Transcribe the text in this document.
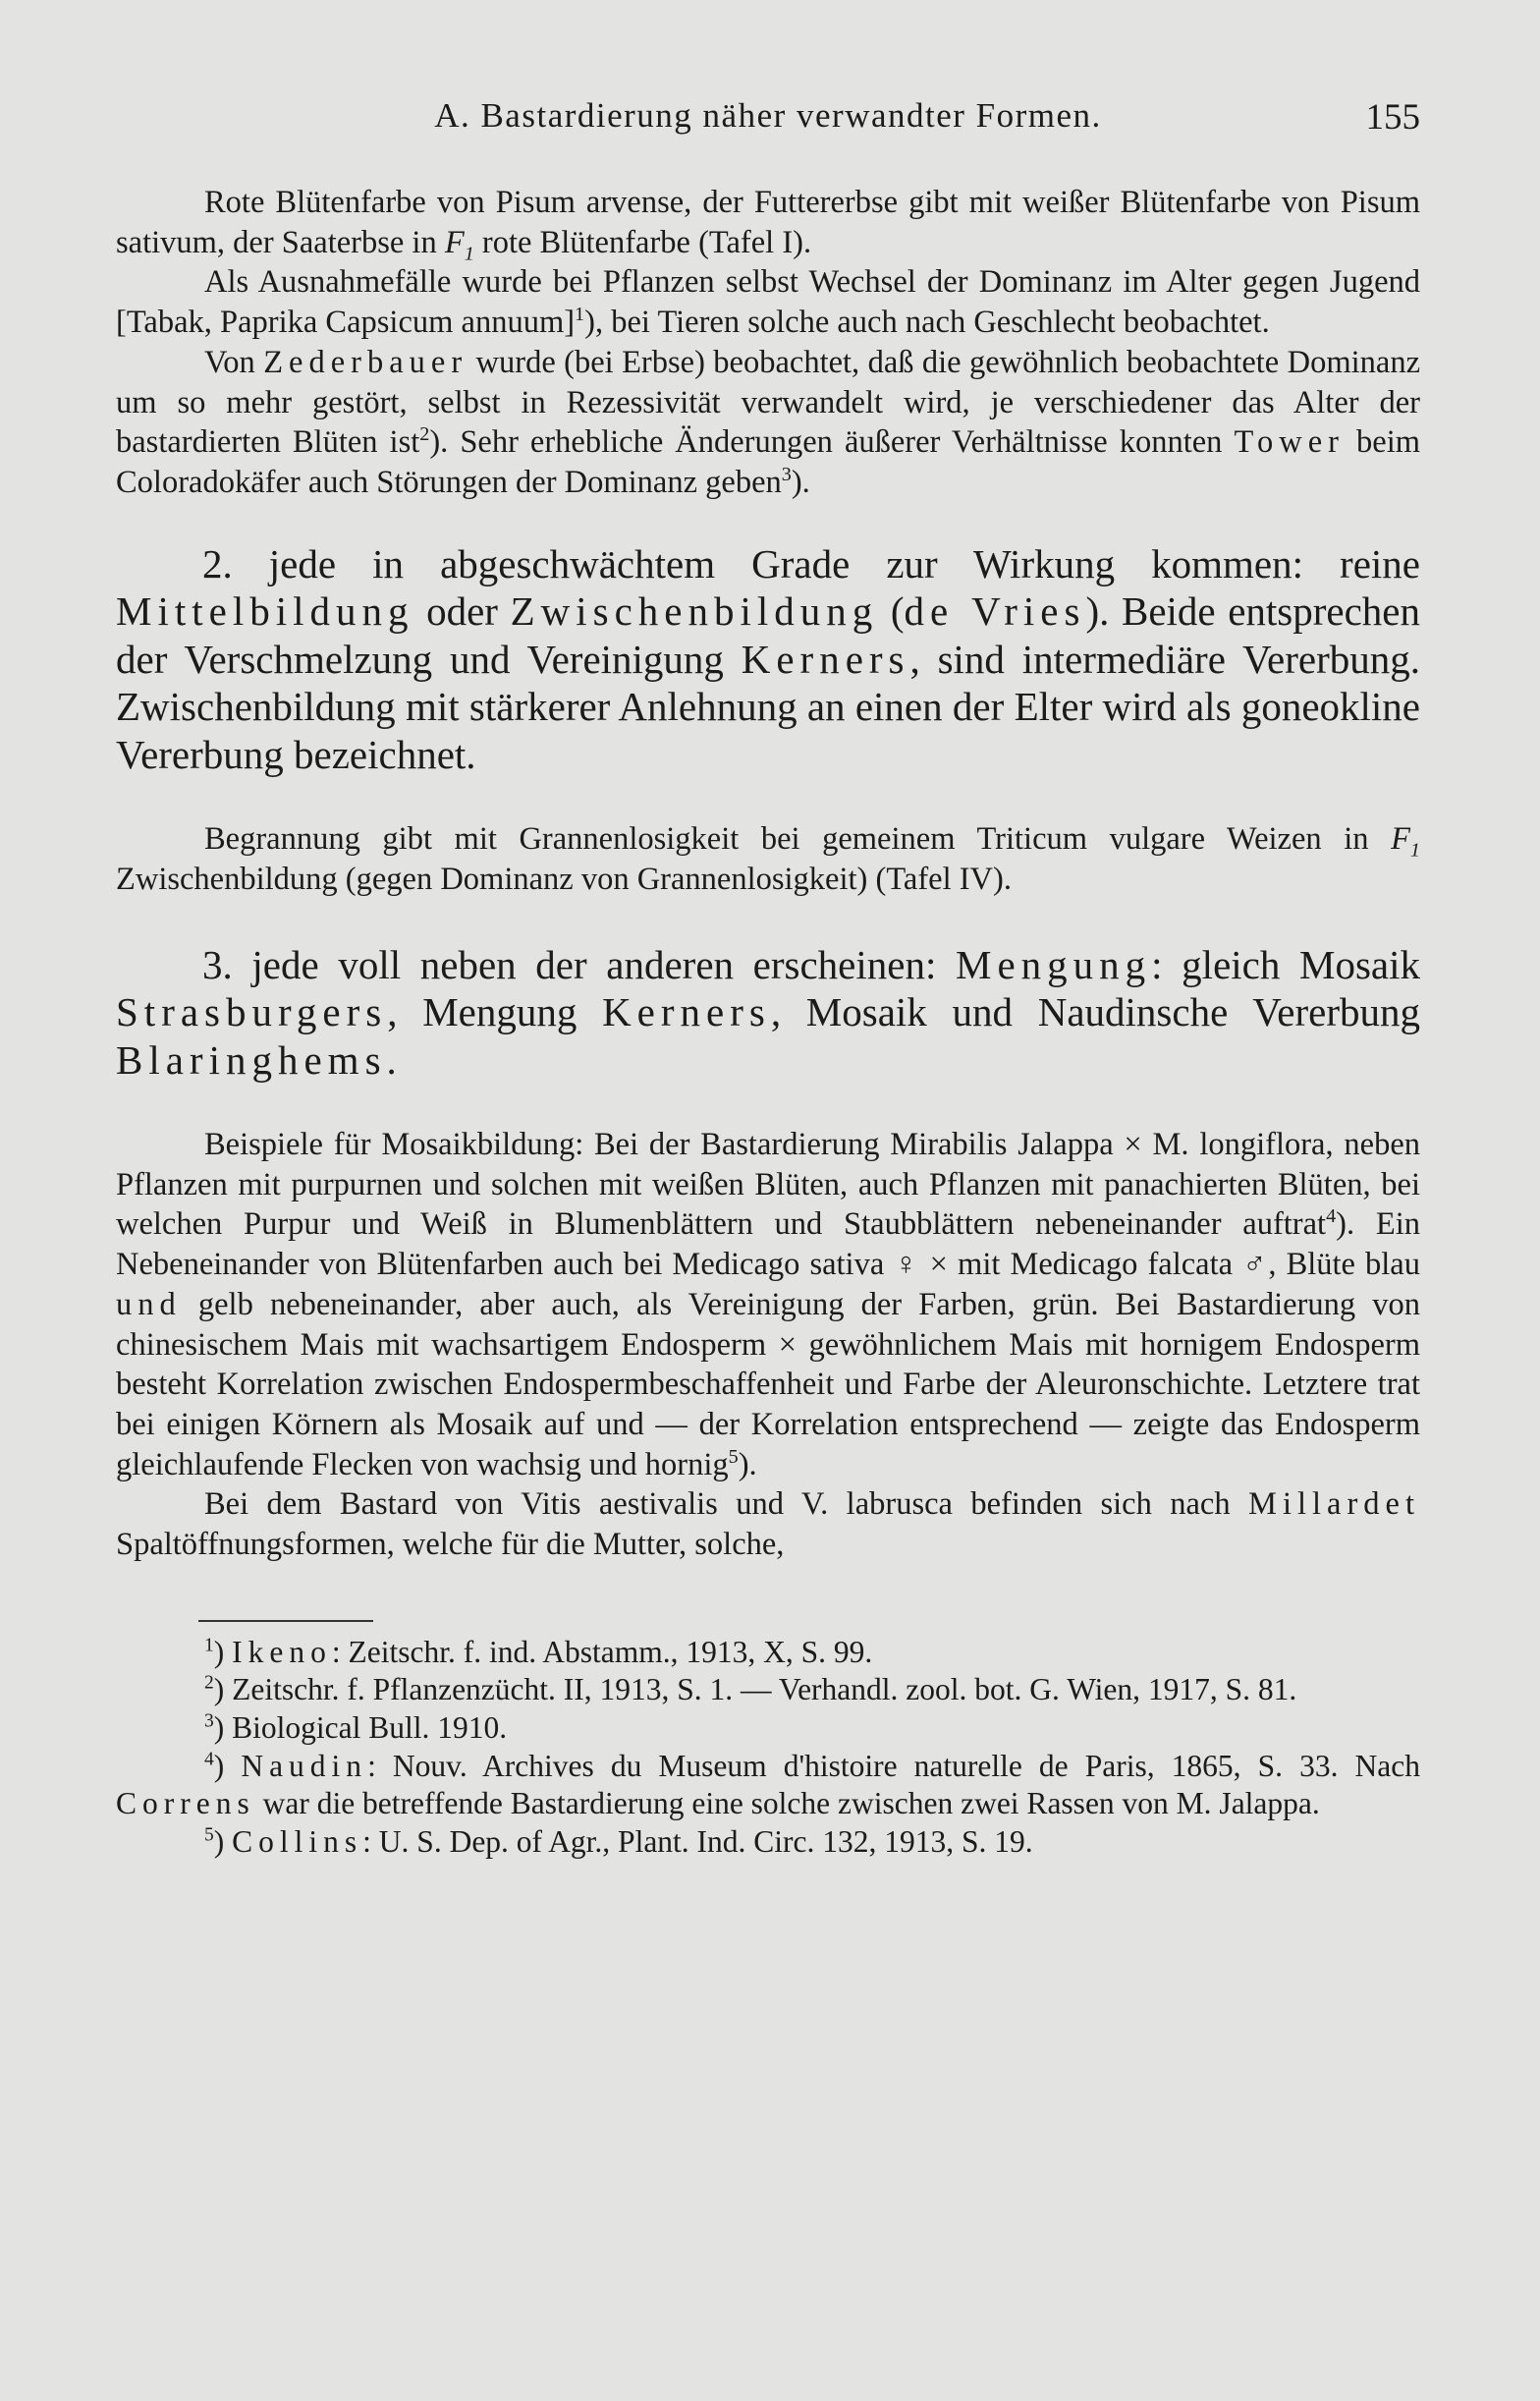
A. Bastardierung näher verwandter Formen.	155

Rote Blütenfarbe von Pisum arvense, der Futtererbse gibt mit weißer Blütenfarbe von Pisum sativum, der Saaterbse in $F_1$ rote Blütenfarbe (Tafel I).

Als Ausnahmefälle wurde bei Pflanzen selbst Wechsel der Dominanz im Alter gegen Jugend [Tabak, Paprika Capsicum annuum]$^1$), bei Tieren solche auch nach Geschlecht beobachtet.

Von Zederbauer wurde (bei Erbse) beobachtet, daß die gewöhnlich beobachtete Dominanz um so mehr gestört, selbst in Rezessivität verwandelt wird, je verschiedener das Alter der bastardierten Blüten ist$^2$). Sehr erhebliche Änderungen äußerer Verhältnisse konnten Tower beim Coloradokäfer auch Störungen der Dominanz geben$^3$).

2. jede in abgeschwächtem Grade zur Wirkung kommen: reine Mittelbildung oder Zwischenbildung (de Vries). Beide entsprechen der Verschmelzung und Vereinigung Kerners, sind intermediäre Vererbung. Zwischenbildung mit stärkerer Anlehnung an einen der Elter wird als goneokline Vererbung bezeichnet.

Begrannung gibt mit Grannenlosigkeit bei gemeinem Triticum vulgare Weizen in $F_1$ Zwischenbildung (gegen Dominanz von Grannenlosigkeit) (Tafel IV).

3. jede voll neben der anderen erscheinen: Mengung: gleich Mosaik Strasburgers, Mengung Kerners, Mosaik und Naudinsche Vererbung Blaringhems.

Beispiele für Mosaikbildung: Bei der Bastardierung Mirabilis Jalappa × M. longiflora, neben Pflanzen mit purpurnen und solchen mit weißen Blüten, auch Pflanzen mit panachierten Blüten, bei welchen Purpur und Weiß in Blumenblättern und Staubblättern nebeneinander auftrat$^4$). Ein Nebeneinander von Blütenfarben auch bei Medicago sativa ♀ × mit Medicago falcata ♂, Blüte blau und gelb nebeneinander, aber auch, als Vereinigung der Farben, grün. Bei Bastardierung von chinesischem Mais mit wachsartigem Endosperm × gewöhnlichem Mais mit hornigem Endosperm besteht Korrelation zwischen Endospermbeschaffenheit und Farbe der Aleuronschichte. Letztere trat bei einigen Körnern als Mosaik auf und — der Korrelation entsprechend — zeigte das Endosperm gleichlaufende Flecken von wachsig und hornig$^5$).

Bei dem Bastard von Vitis aestivalis und V. labrusca befinden sich nach Millardet Spaltöffnungsformen, welche für die Mutter, solche,

$^1$) Ikeno: Zeitschr. f. ind. Abstamm., 1913, X, S. 99.

$^2$) Zeitschr. f. Pflanzenzücht. II, 1913, S. 1. — Verhandl. zool. bot. G. Wien, 1917, S. 81.

$^3$) Biological Bull. 1910.

$^4$) Naudin: Nouv. Archives du Museum d'histoire naturelle de Paris, 1865, S. 33. Nach Correns war die betreffende Bastardierung eine solche zwischen zwei Rassen von M. Jalappa.

$^5$) Collins: U. S. Dep. of Agr., Plant. Ind. Circ. 132, 1913, S. 19.
